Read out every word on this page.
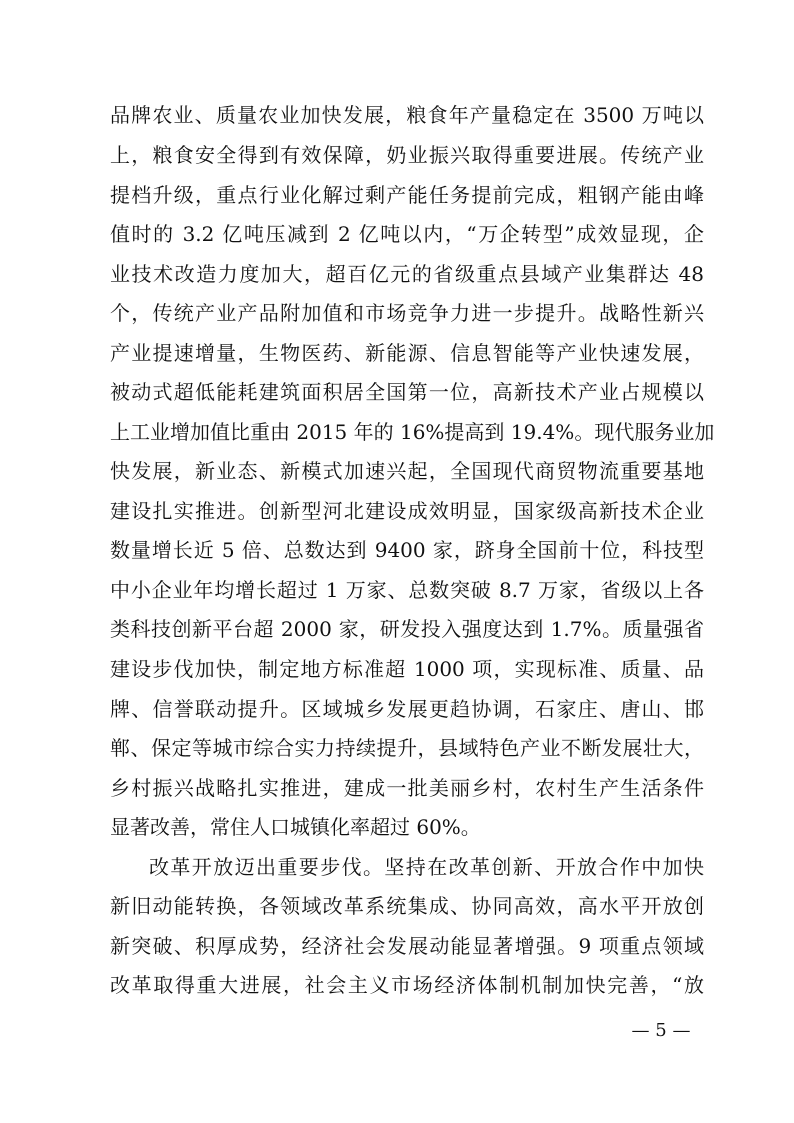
品牌农业、质量农业加快发展，粮食年产量稳定在 3500 万吨以
上，粮食安全得到有效保障，奶业振兴取得重要进展。传统产业
提档升级，重点行业化解过剩产能任务提前完成，粗钢产能由峰
值时的 3.2 亿吨压减到 2 亿吨以内，“万企转型”成效显现，企
业技术改造力度加大，超百亿元的省级重点县域产业集群达 48
个，传统产业产品附加值和市场竞争力进一步提升。战略性新兴
产业提速增量，生物医药、新能源、信息智能等产业快速发展，
被动式超低能耗建筑面积居全国第一位，高新技术产业占规模以
上工业增加值比重由 2015 年的 16%提高到 19.4%。现代服务业加
快发展，新业态、新模式加速兴起，全国现代商贸物流重要基地
建设扎实推进。创新型河北建设成效明显，国家级高新技术企业
数量增长近 5 倍、总数达到 9400 家，跻身全国前十位，科技型
中小企业年均增长超过 1 万家、总数突破 8.7 万家，省级以上各
类科技创新平台超 2000 家，研发投入强度达到 1.7%。质量强省
建设步伐加快，制定地方标准超 1000 项，实现标准、质量、品
牌、信誉联动提升。区域城乡发展更趋协调，石家庄、唐山、邯
郸、保定等城市综合实力持续提升，县域特色产业不断发展壮大，
乡村振兴战略扎实推进，建成一批美丽乡村，农村生产生活条件
显著改善，常住人口城镇化率超过 60%。
改革开放迈出重要步伐。坚持在改革创新、开放合作中加快
新旧动能转换，各领域改革系统集成、协同高效，高水平开放创
新突破、积厚成势，经济社会发展动能显著增强。9 项重点领域
改革取得重大进展，社会主义市场经济体制机制加快完善，“放
— 5 —
